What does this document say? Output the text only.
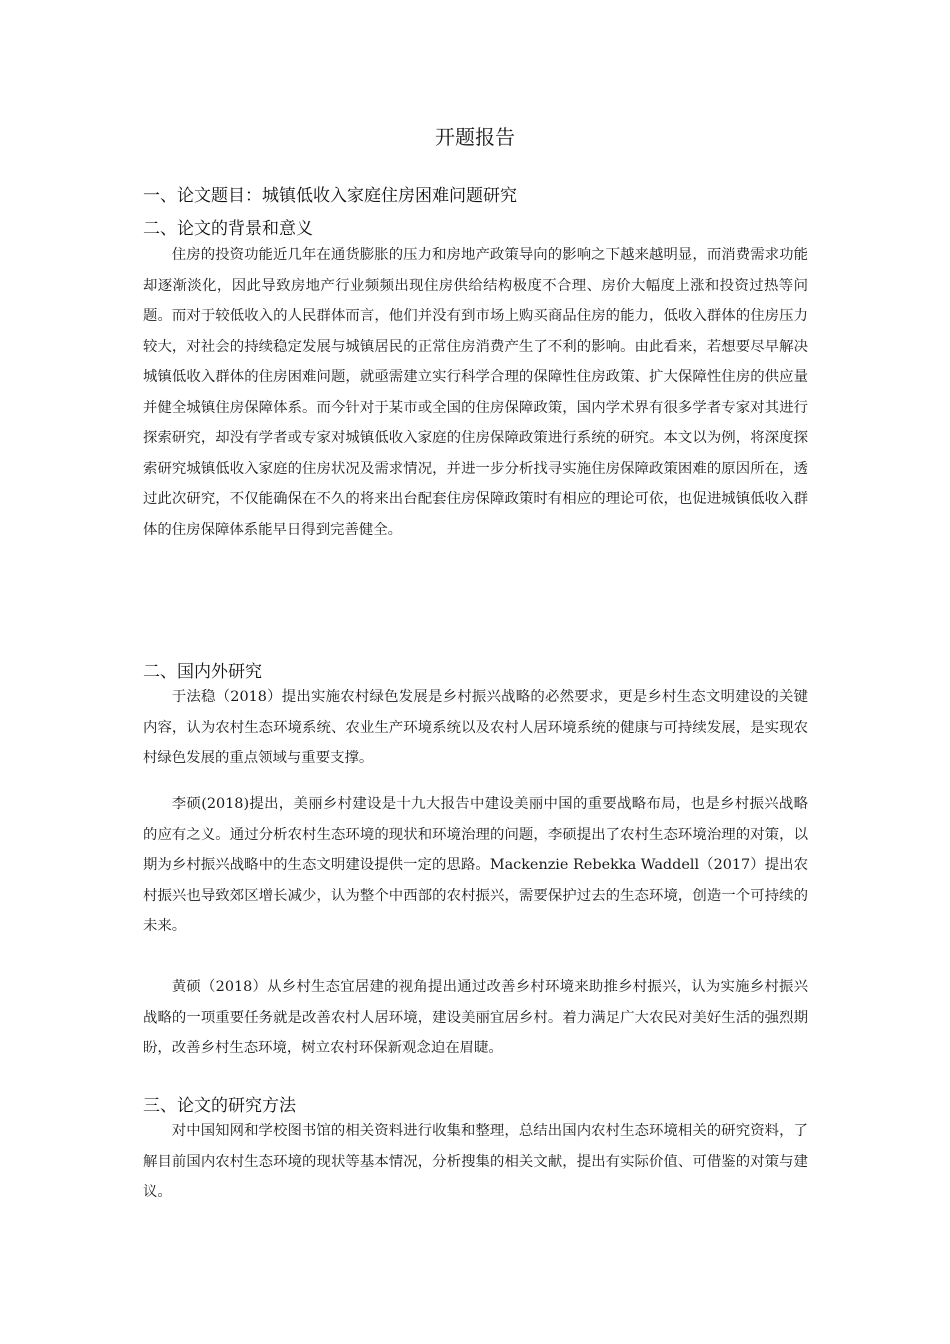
开题报告
一、论文题目：城镇低收入家庭住房困难问题研究
二、论文的背景和意义

住房的投资功能近几年在通货膨胀的压力和房地产政策导向的影响之下越来越明显，而消费需求功能却逐渐淡化，因此导致房地产行业频频出现住房供给结构极度不合理、房价大幅度上涨和投资过热等问题。而对于较低收入的人民群体而言，他们并没有到市场上购买商品住房的能力，低收入群体的住房压力较大，对社会的持续稳定发展与城镇居民的正常住房消费产生了不利的影响。由此看来，若想要尽早解决城镇低收入群体的住房困难问题，就亟需建立实行科学合理的保障性住房政策、扩大保障性住房的供应量并健全城镇住房保障体系。而今针对于某市或全国的住房保障政策，国内学术界有很多学者专家对其进行探索研究，却没有学者或专家对城镇低收入家庭的住房保障政策进行系统的研究。本文以为例，将深度探索研究城镇低收入家庭的住房状况及需求情况，并进一步分析找寻实施住房保障政策困难的原因所在，透过此次研究，不仅能确保在不久的将来出台配套住房保障政策时有相应的理论可依，也促进城镇低收入群体的住房保障体系能早日得到完善健全。

二、国内外研究

于法稳（2018）提出实施农村绿色发展是乡村振兴战略的必然要求，更是乡村生态文明建设的关键内容，认为农村生态环境系统、农业生产环境系统以及农村人居环境系统的健康与可持续发展，是实现农村绿色发展的重点领域与重要支撑。

李硕(2018)提出，美丽乡村建设是十九大报告中建设美丽中国的重要战略布局，也是乡村振兴战略的应有之义。通过分析农村生态环境的现状和环境治理的问题，李硕提出了农村生态环境治理的对策，以期为乡村振兴战略中的生态文明建设提供一定的思路。Mackenzie Rebekka Waddell（2017）提出农村振兴也导致郊区增长减少，认为整个中西部的农村振兴，需要保护过去的生态环境，创造一个可持续的未来。

黄硕（2018）从乡村生态宜居建的视角提出通过改善乡村环境来助推乡村振兴，认为实施乡村振兴战略的一项重要任务就是改善农村人居环境，建设美丽宜居乡村。着力满足广大农民对美好生活的强烈期盼，改善乡村生态环境，树立农村环保新观念迫在眉睫。

三、论文的研究方法

对中国知网和学校图书馆的相关资料进行收集和整理，总结出国内农村生态环境相关的研究资料，了解目前国内农村生态环境的现状等基本情况，分析搜集的相关文献，提出有实际价值、可借鉴的对策与建议。
